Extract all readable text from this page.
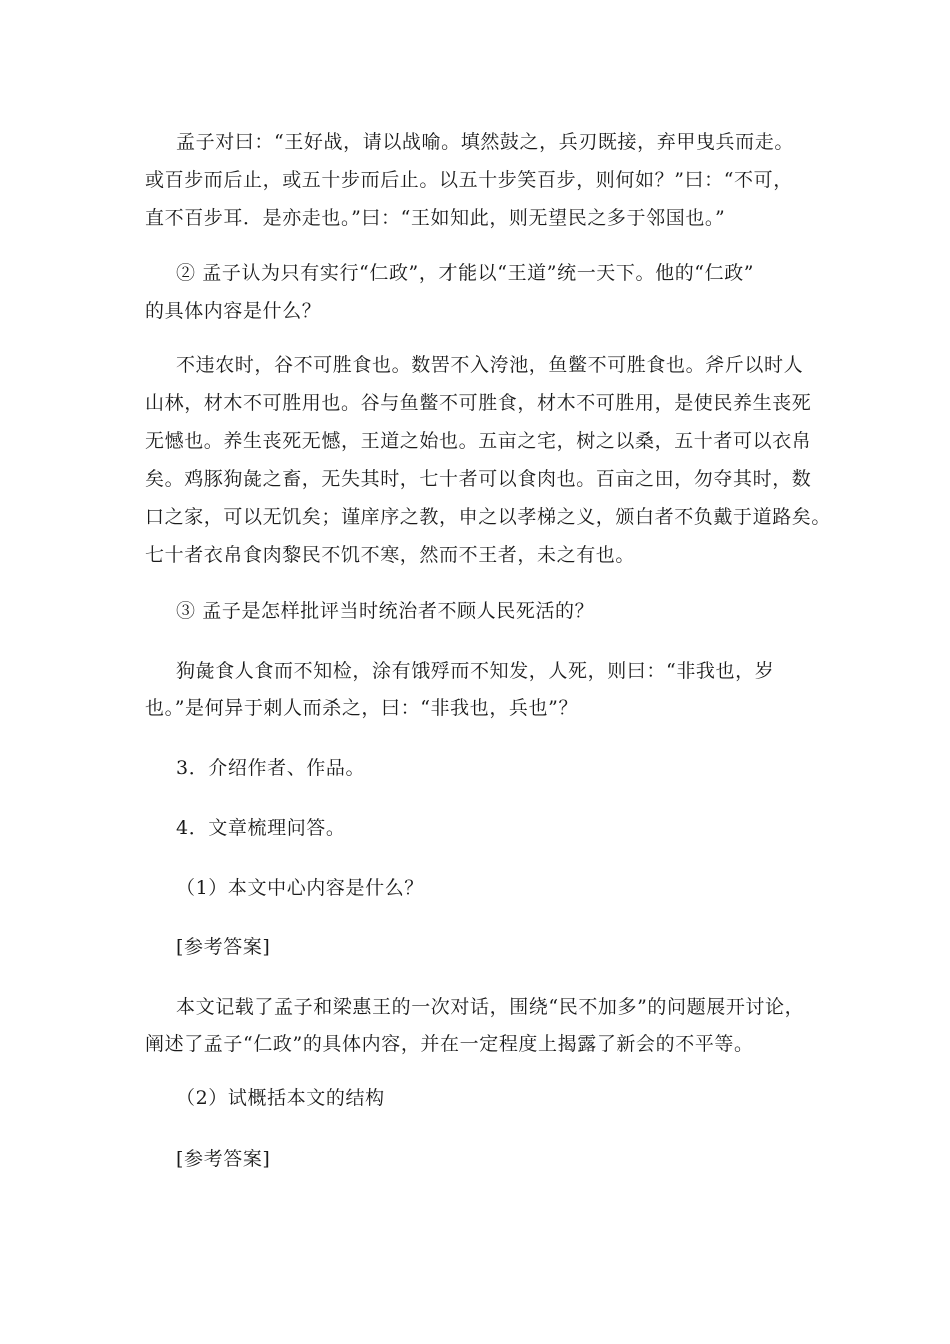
孟子对曰：“王好战，请以战喻。填然鼓之，兵刃既接，弃甲曳兵而走。
或百步而后止，或五十步而后止。以五十步笑百步，则何如？”曰：“不可，
直不百步耳．是亦走也。”曰：“王如知此，则无望民之多于邻国也。”
② 孟子认为只有实行“仁政”，才能以“王道”统一天下。他的“仁政”
的具体内容是什么？
不违农时，谷不可胜食也。数罟不入洿池，鱼鳖不可胜食也。斧斤以时人
山林，材木不可胜用也。谷与鱼鳖不可胜食，材木不可胜用，是使民养生丧死
无憾也。养生丧死无憾，王道之始也。五亩之宅，树之以桑，五十者可以衣帛
矣。鸡豚狗彘之畜，无失其时，七十者可以食肉也。百亩之田，勿夺其时，数
口之家，可以无饥矣；谨庠序之教，申之以孝梯之义，颁白者不负戴于道路矣。
七十者衣帛食肉黎民不饥不寒，然而不王者，未之有也。
③ 孟子是怎样批评当时统治者不顾人民死活的？
狗彘食人食而不知检，涂有饿殍而不知发，人死，则曰：“非我也，岁
也。”是何异于刺人而杀之，曰：“非我也，兵也”？
3．介绍作者、作品。
4．文章梳理问答。
（1）本文中心内容是什么？
[参考答案]
本文记载了孟子和梁惠王的一次对话，围绕“民不加多”的问题展开讨论，
阐述了孟子“仁政”的具体内容，并在一定程度上揭露了新会的不平等。
（2）试概括本文的结构
[参考答案]
